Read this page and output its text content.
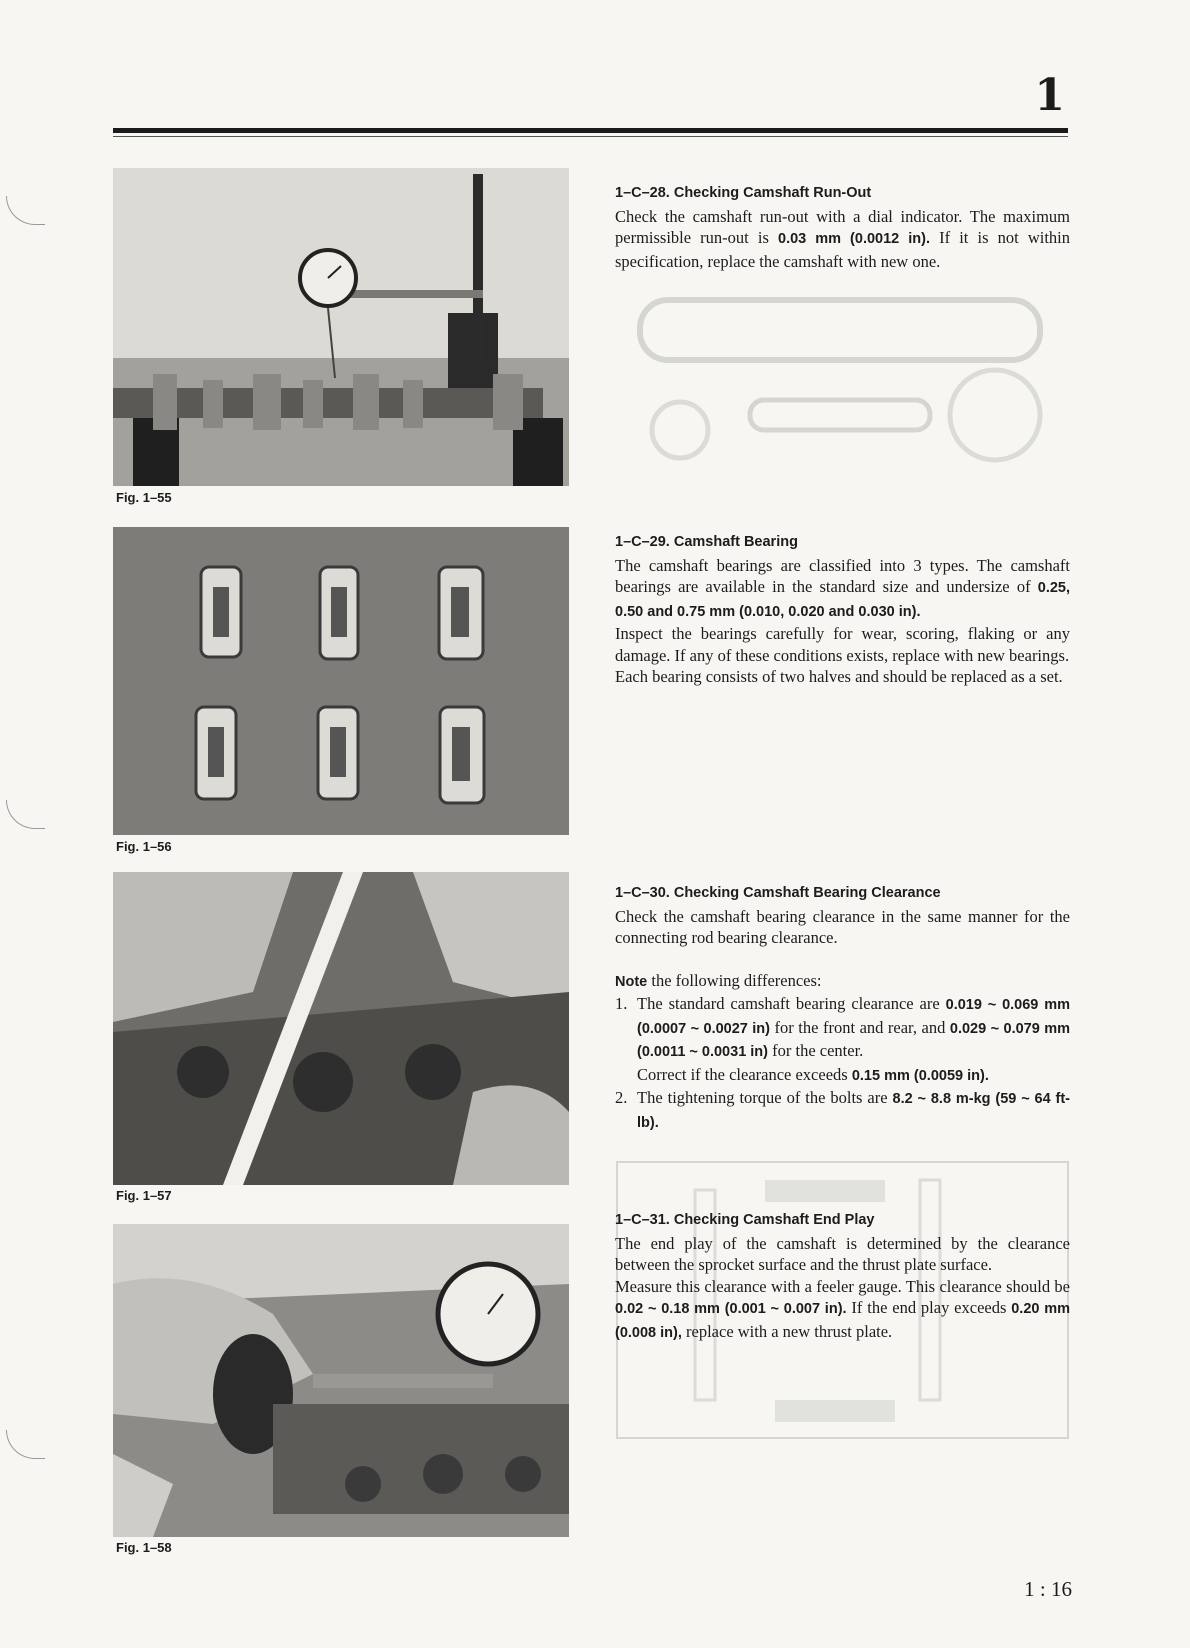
1
Fig. 1–55
Fig. 1–56
Fig. 1–57
Fig. 1–58
1–C–28. Checking Camshaft Run-Out

Check the camshaft run-out with a dial indicator. The maximum permissible run-out is 0.03 mm (0.0012 in). If it is not within specification, replace the camshaft with new one.

1–C–29. Camshaft Bearing

The camshaft bearings are classified into 3 types. The camshaft bearings are available in the standard size and undersize of 0.25, 0.50 and 0.75 mm (0.010, 0.020 and 0.030 in).

Inspect the bearings carefully for wear, scoring, flaking or any damage. If any of these conditions exists, replace with new bearings.

Each bearing consists of two halves and should be replaced as a set.

1–C–30. Checking Camshaft Bearing Clearance

Check the camshaft bearing clearance in the same manner for the connecting rod bearing clearance.

Note the following differences:

1. The standard camshaft bearing clearance are 0.019 ~ 0.069 mm (0.0007 ~ 0.0027 in) for the front and rear, and 0.029 ~ 0.079 mm (0.0011 ~ 0.0031 in) for the center.
Correct if the clearance exceeds 0.15 mm (0.0059 in).
2. The tightening torque of the bolts are 8.2 ~ 8.8 m-kg (59 ~ 64 ft-lb).
1–C–31. Checking Camshaft End Play

The end play of the camshaft is determined by the clearance between the sprocket surface and the thrust plate surface.

Measure this clearance with a feeler gauge. This clearance should be 0.02 ~ 0.18 mm (0.001 ~ 0.007 in). If the end play exceeds 0.20 mm (0.008 in), replace with a new thrust plate.

1 : 16
